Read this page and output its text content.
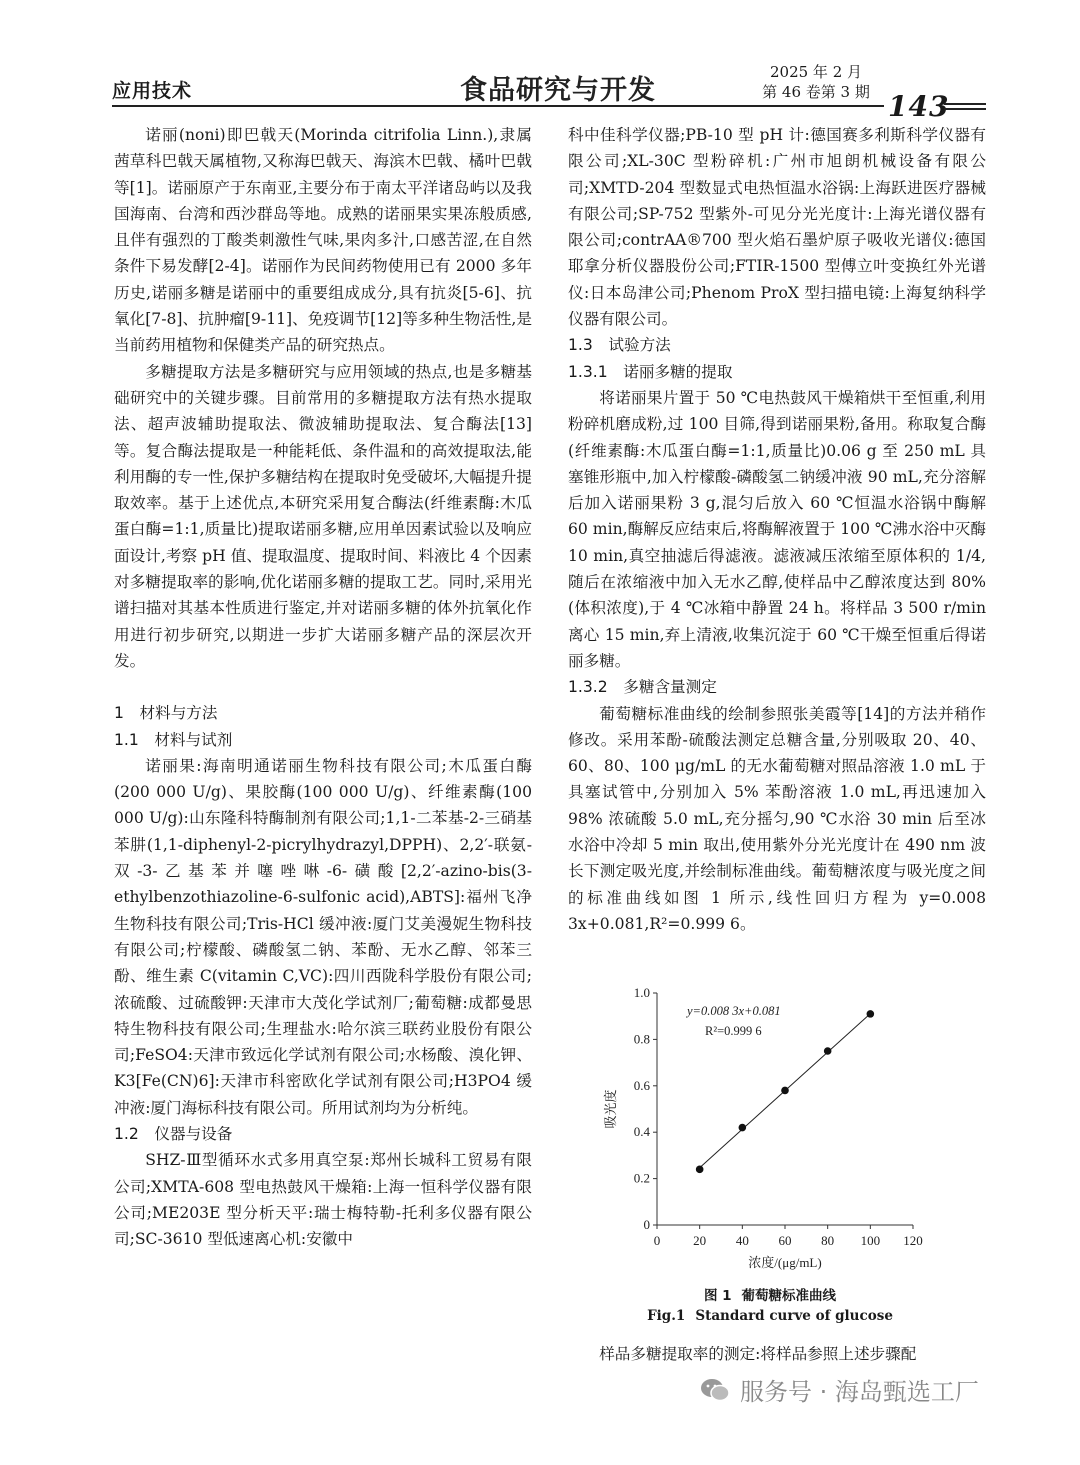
应用技术	食品研究与开发
2025 年 2 月
第 46 卷第 3 期 143

诺丽(noni)即巴戟天(Morinda citrifolia Linn.),隶属茜草科巴戟天属植物,又称海巴戟天、海滨木巴戟、橘叶巴戟等[1]。诺丽原产于东南亚,主要分布于南太平洋诸岛屿以及我国海南、台湾和西沙群岛等地。成熟的诺丽果实果冻般质感,且伴有强烈的丁酸类刺激性气味,果肉多汁,口感苦涩,在自然条件下易发酵[2-4]。诺丽作为民间药物使用已有 2000 多年历史,诺丽多糖是诺丽中的重要组成成分,具有抗炎[5-6]、抗氧化[7-8]、抗肿瘤[9-11]、免疫调节[12]等多种生物活性,是当前药用植物和保健类产品的研究热点。

多糖提取方法是多糖研究与应用领域的热点,也是多糖基础研究中的关键步骤。目前常用的多糖提取方法有热水提取法、超声波辅助提取法、微波辅助提取法、复合酶法[13]等。复合酶法提取是一种能耗低、条件温和的高效提取法,能利用酶的专一性,保护多糖结构在提取时免受破坏,大幅提升提取效率。基于上述优点,本研究采用复合酶法(纤维素酶:木瓜蛋白酶=1:1,质量比)提取诺丽多糖,应用单因素试验以及响应面设计,考察 pH 值、提取温度、提取时间、料液比 4 个因素对多糖提取率的影响,优化诺丽多糖的提取工艺。同时,采用光谱扫描对其基本性质进行鉴定,并对诺丽多糖的体外抗氧化作用进行初步研究,以期进一步扩大诺丽多糖产品的深层次开发。

1　材料与方法

1.1　材料与试剂

诺丽果:海南明通诺丽生物科技有限公司;木瓜蛋白酶(200 000 U/g)、果胶酶(100 000 U/g)、纤维素酶(100 000 U/g):山东隆科特酶制剂有限公司;1,1-二苯基-2-三硝基苯肼(1,1-diphenyl-2-picrylhydrazyl,DPPH)、2,2′-联氨-双-3-乙基苯并噻唑啉-6-磺酸[2,2′-azino-bis(3-ethylbenzothiazoline-6-sulfonic acid),ABTS]:福州飞净生物科技有限公司;Tris-HCl 缓冲液:厦门艾美漫妮生物科技有限公司;柠檬酸、磷酸氢二钠、苯酚、无水乙醇、邻苯三酚、维生素 C(vitamin C,VC):四川西陇科学股份有限公司;浓硫酸、过硫酸钾:天津市大茂化学试剂厂;葡萄糖:成都曼思特生物科技有限公司;生理盐水:哈尔滨三联药业股份有限公司;FeSO4:天津市致远化学试剂有限公司;水杨酸、溴化钾、K3[Fe(CN)6]:天津市科密欧化学试剂有限公司;H3PO4 缓冲液:厦门海标科技有限公司。所用试剂均为分析纯。

1.2　仪器与设备

SHZ-Ⅲ型循环水式多用真空泵:郑州长城科工贸易有限公司;XMTA-608 型电热鼓风干燥箱:上海一恒科学仪器有限公司;ME203E 型分析天平:瑞士梅特勒-托利多仪器有限公司;SC-3610 型低速离心机:安徽中

科中佳科学仪器;PB-10 型 pH 计:德国赛多利斯科学仪器有限公司;XL-30C 型粉碎机:广州市旭朗机械设备有限公司;XMTD-204 型数显式电热恒温水浴锅:上海跃进医疗器械有限公司;SP-752 型紫外-可见分光光度计:上海光谱仪器有限公司;contrAA®700 型火焰石墨炉原子吸收光谱仪:德国耶拿分析仪器股份公司;FTIR-1500 型傅立叶变换红外光谱仪:日本岛津公司;Phenom ProX 型扫描电镜:上海复纳科学仪器有限公司。

1.3　试验方法

1.3.1　诺丽多糖的提取

将诺丽果片置于 50 ℃电热鼓风干燥箱烘干至恒重,利用粉碎机磨成粉,过 100 目筛,得到诺丽果粉,备用。称取复合酶(纤维素酶:木瓜蛋白酶=1:1,质量比)0.06 g 至 250 mL 具塞锥形瓶中,加入柠檬酸-磷酸氢二钠缓冲液 90 mL,充分溶解后加入诺丽果粉 3 g,混匀后放入 60 ℃恒温水浴锅中酶解 60 min,酶解反应结束后,将酶解液置于 100 ℃沸水浴中灭酶 10 min,真空抽滤后得滤液。滤液减压浓缩至原体积的 1/4,随后在浓缩液中加入无水乙醇,使样品中乙醇浓度达到 80%(体积浓度),于 4 ℃冰箱中静置 24 h。将样品 3 500 r/min 离心 15 min,弃上清液,收集沉淀于 60 ℃干燥至恒重后得诺丽多糖。

1.3.2　多糖含量测定

葡萄糖标准曲线的绘制参照张美霞等[14]的方法并稍作修改。采用苯酚-硫酸法测定总糖含量,分别吸取 20、40、60、80、100 μg/mL 的无水葡萄糖对照品溶液 1.0 mL 于具塞试管中,分别加入 5% 苯酚溶液 1.0 mL,再迅速加入 98% 浓硫酸 5.0 mL,充分摇匀,90 ℃水浴 30 min 后至冰水浴中冷却 5 min 取出,使用紫外分光光度计在 490 nm 波长下测定吸光度,并绘制标准曲线。葡萄糖浓度与吸光度之间的标准曲线如图 1 所示,线性回归方程为 y=0.008 3x+0.081,R²=0.999 6。

0	20 40 60 80 100 120
0
0.2
0.4
0.6
0.8
1.0
y=0.008 3x+0.081
R²=0.999 6
浓度/(μg/mL)
吸光度
图 1 葡萄糖标准曲线
Fig.1 Standard curve of glucose
样品多糖提取率的测定:将样品参照上述步骤配
服务号 · 海岛甄选工厂
